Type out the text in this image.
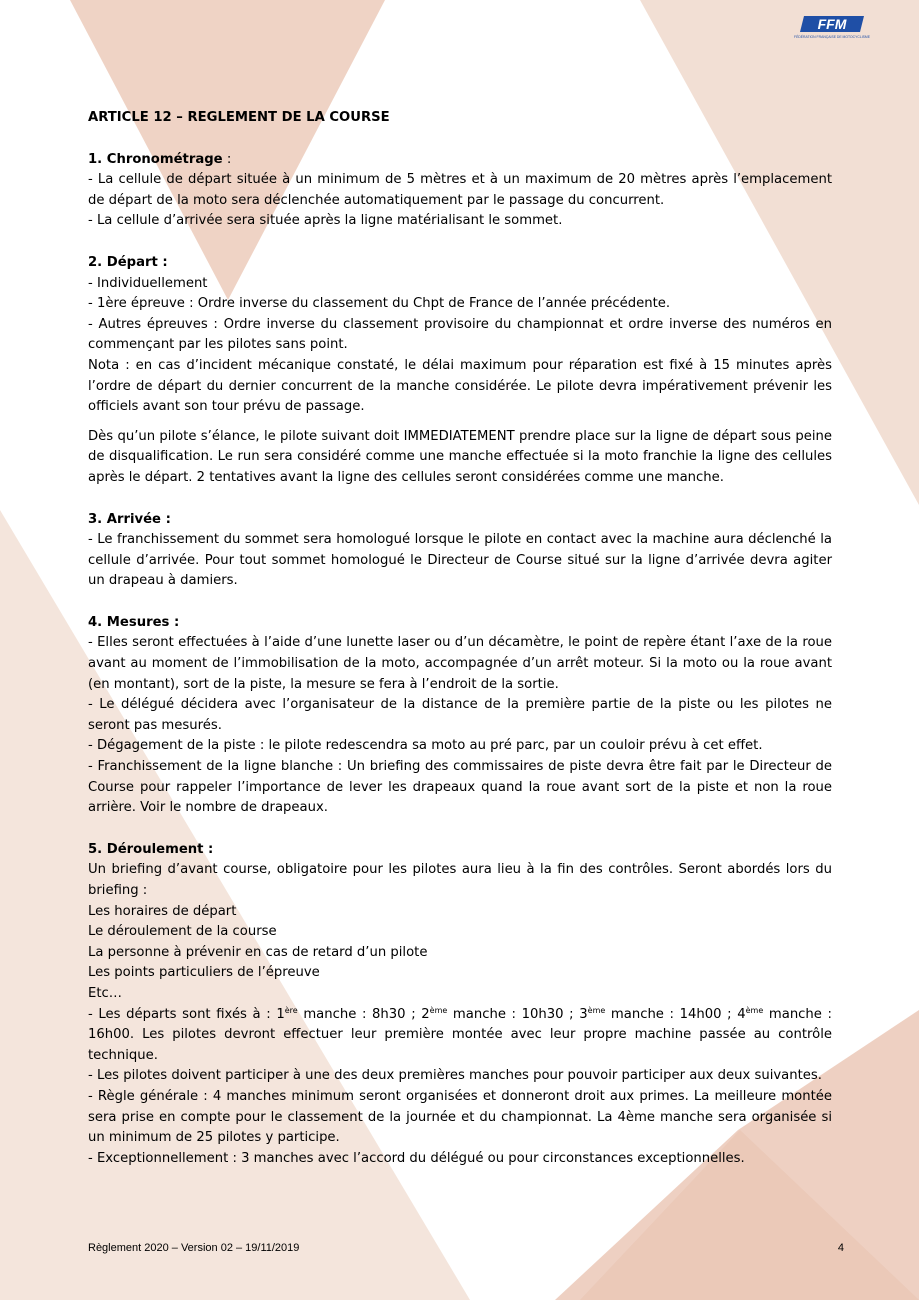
FFM
FÉDÉRATION FRANÇAISE DE MOTOCYCLISME
ARTICLE 12 – REGLEMENT DE LA COURSE
1. Chronométrage :

- La cellule de départ située à un minimum de 5 mètres et à un maximum de 20 mètres après l’emplacement de départ de la moto sera déclenchée automatiquement par le passage du concurrent.

- La cellule d’arrivée sera située après la ligne matérialisant le sommet.

2. Départ :

- Individuellement

- 1ère épreuve : Ordre inverse du classement du Chpt de France de l’année précédente.

- Autres épreuves : Ordre inverse du classement provisoire du championnat et ordre inverse des numéros en commençant par les pilotes sans point.

Nota : en cas d’incident mécanique constaté, le délai maximum pour réparation est fixé à 15 minutes après l’ordre de départ du dernier concurrent de la manche considérée. Le pilote devra impérativement prévenir les officiels avant son tour prévu de passage.

Dès qu’un pilote s’élance, le pilote suivant doit IMMEDIATEMENT prendre place sur la ligne de départ sous peine de disqualification. Le run sera considéré comme une manche effectuée si la moto franchie la ligne des cellules après le départ. 2 tentatives avant la ligne des cellules seront considérées comme une manche.

3. Arrivée :

- Le franchissement du sommet sera homologué lorsque le pilote en contact avec la machine aura déclenché la cellule d’arrivée. Pour tout sommet homologué le Directeur de Course situé sur la ligne d’arrivée devra agiter un drapeau à damiers.

4. Mesures :

- Elles seront effectuées à l’aide d’une lunette laser ou d’un décamètre, le point de repère étant l’axe de la roue avant au moment de l’immobilisation de la moto, accompagnée d’un arrêt moteur. Si la moto ou la roue avant (en montant), sort de la piste, la mesure se fera à l’endroit de la sortie.

- Le délégué décidera avec l’organisateur de la distance de la première partie de la piste ou les pilotes ne seront pas mesurés.

- Dégagement de la piste : le pilote redescendra sa moto au pré parc, par un couloir prévu à cet effet.

- Franchissement de la ligne blanche : Un briefing des commissaires de piste devra être fait par le Directeur de Course pour rappeler l’importance de lever les drapeaux quand la roue avant sort de la piste et non la roue arrière. Voir le nombre de drapeaux.

5. Déroulement :

Un briefing d’avant course, obligatoire pour les pilotes aura lieu à la fin des contrôles. Seront abordés lors du briefing :

Les horaires de départ

Le déroulement de la course

La personne à prévenir en cas de retard d’un pilote

Les points particuliers de l’épreuve

Etc…

- Les départs sont fixés à : 1ère manche : 8h30 ; 2ème manche : 10h30 ; 3ème manche : 14h00 ; 4ème manche : 16h00. Les pilotes devront effectuer leur première montée avec leur propre machine passée au contrôle technique.

- Les pilotes doivent participer à une des deux premières manches pour pouvoir participer aux deux suivantes.

- Règle générale : 4 manches minimum seront organisées et donneront droit aux primes. La meilleure montée sera prise en compte pour le classement de la journée et du championnat. La 4ème manche sera organisée si un minimum de 25 pilotes y participe.

- Exceptionnellement : 3 manches avec l’accord du délégué ou pour circonstances exceptionnelles.

Règlement 2020 – Version 02 – 19/11/2019	4
